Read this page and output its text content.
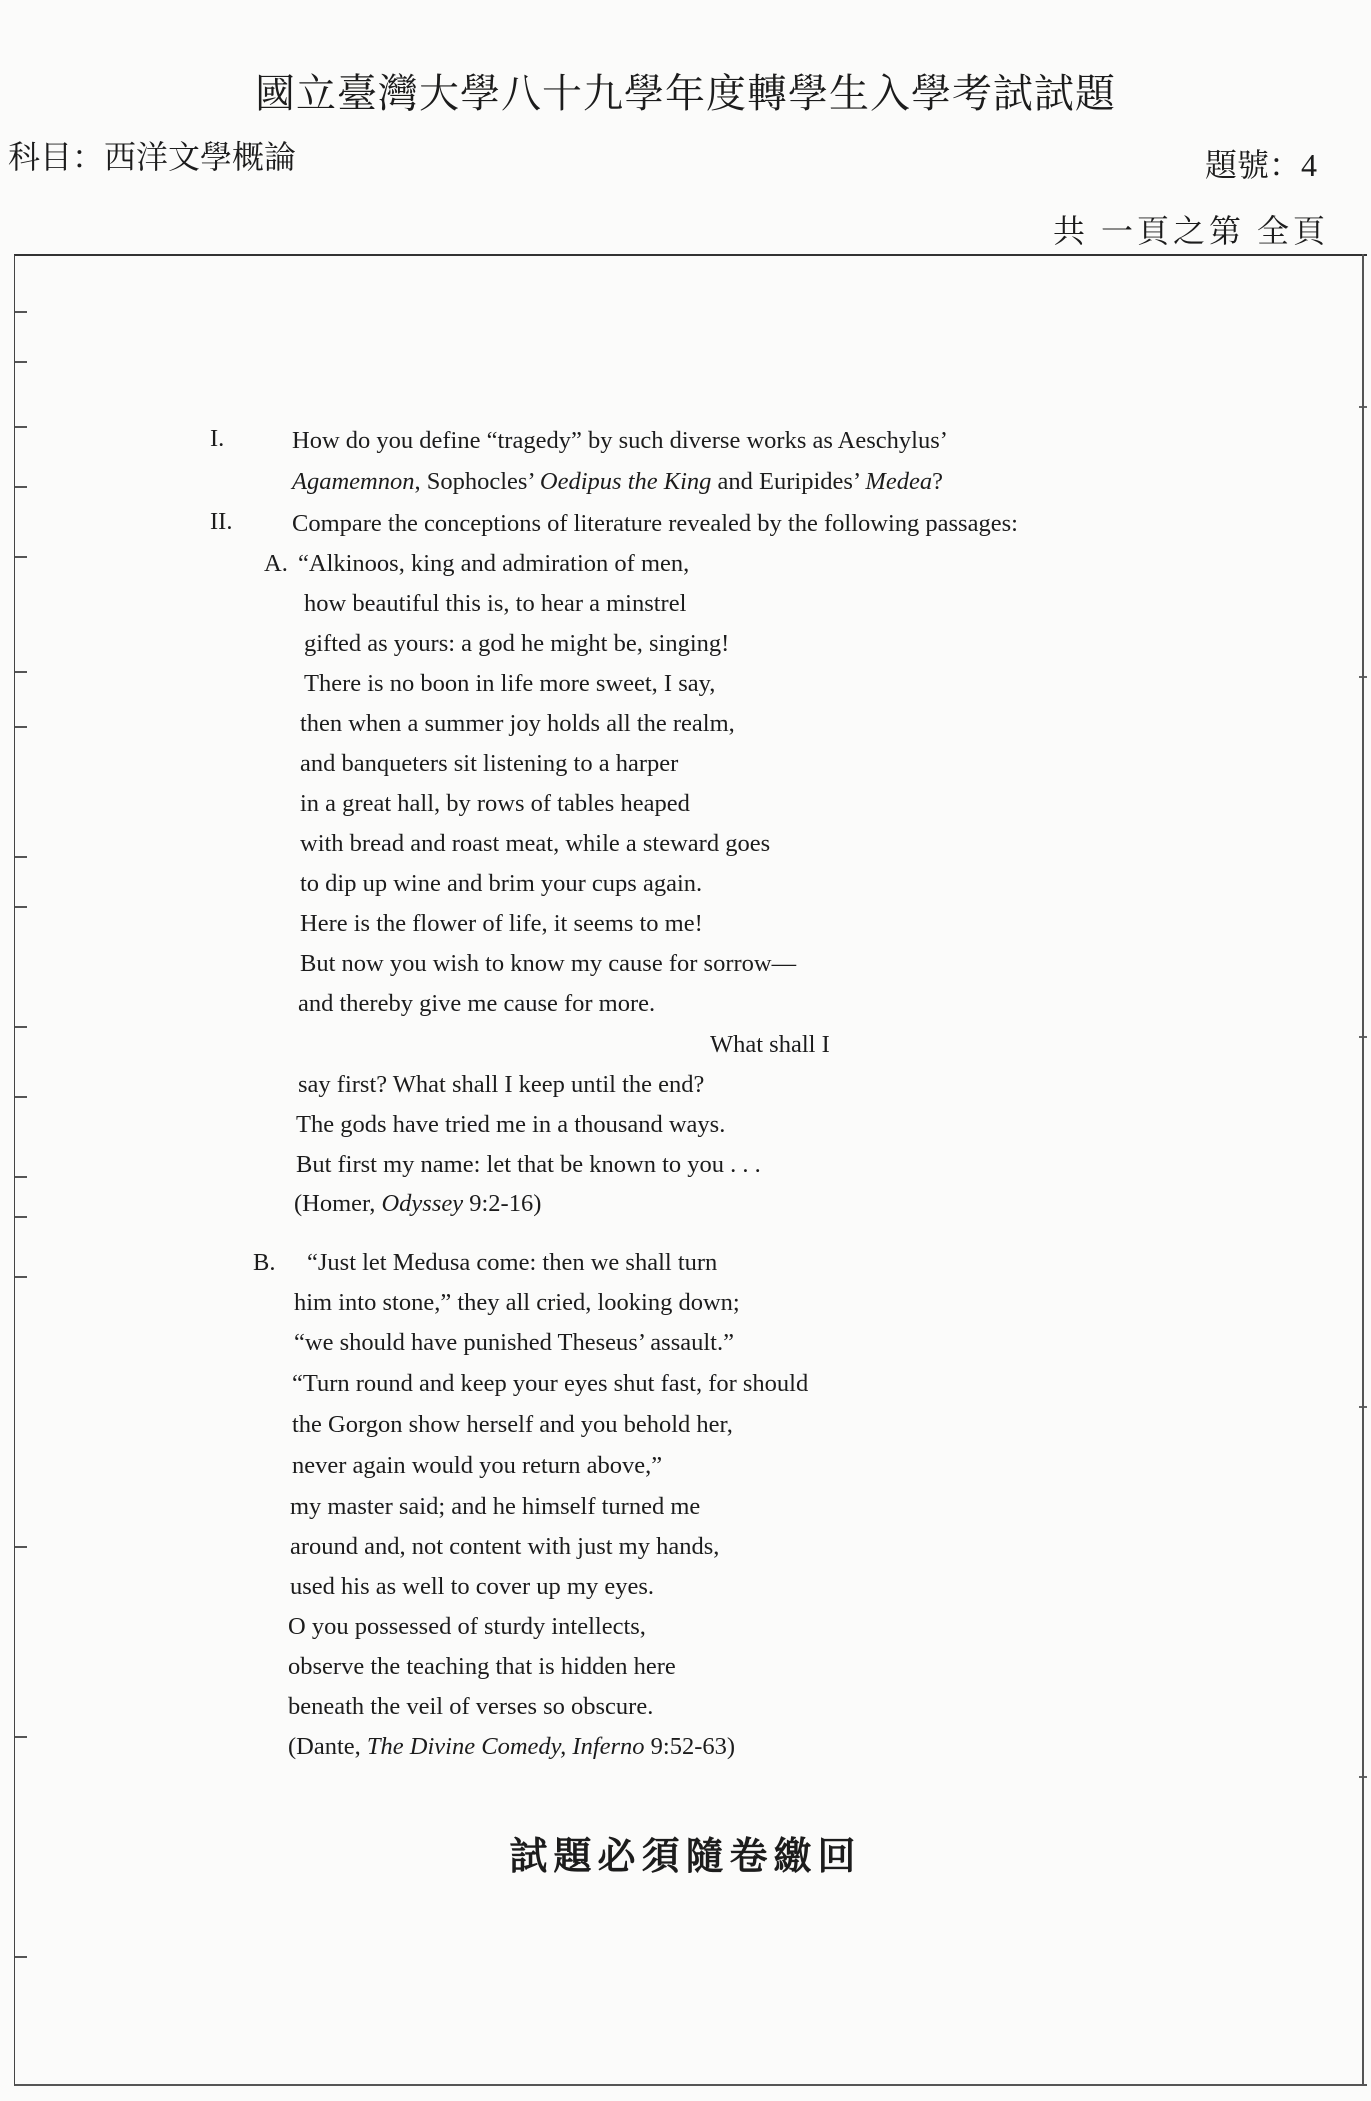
國立臺灣大學八十九學年度轉學生入學考試試題
科目：西洋文學概論	題號：4
共 一頁之第 全頁
I.	How do you define “tragedy” by such diverse works as Aeschylus’
Agamemnon, Sophocles’ Oedipus the King and Euripides’ Medea?
II. Compare the conceptions of literature revealed by the following passages:
A. “Alkinoos, king and admiration of men,
how beautiful this is, to hear a minstrel
gifted as yours: a god he might be, singing!
There is no boon in life more sweet, I say,
then when a summer joy holds all the realm,
and banqueters sit listening to a harper
in a great hall, by rows of tables heaped
with bread and roast meat, while a steward goes
to dip up wine and brim your cups again.
Here is the flower of life, it seems to me!
But now you wish to know my cause for sorrow—
and thereby give me cause for more.
What shall I
say first? What shall I keep until the end?
The gods have tried me in a thousand ways.
But first my name: let that be known to you . . .
(Homer, Odyssey 9:2-16)
B. “Just let Medusa come: then we shall turn
him into stone,” they all cried, looking down;
“we should have punished Theseus’ assault.”
“Turn round and keep your eyes shut fast, for should
the Gorgon show herself and you behold her,
never again would you return above,”
my master said; and he himself turned me
around and, not content with just my hands,
used his as well to cover up my eyes.
O you possessed of sturdy intellects,
observe the teaching that is hidden here
beneath the veil of verses so obscure.
(Dante, The Divine Comedy, Inferno 9:52-63)
試題必須隨卷繳回
